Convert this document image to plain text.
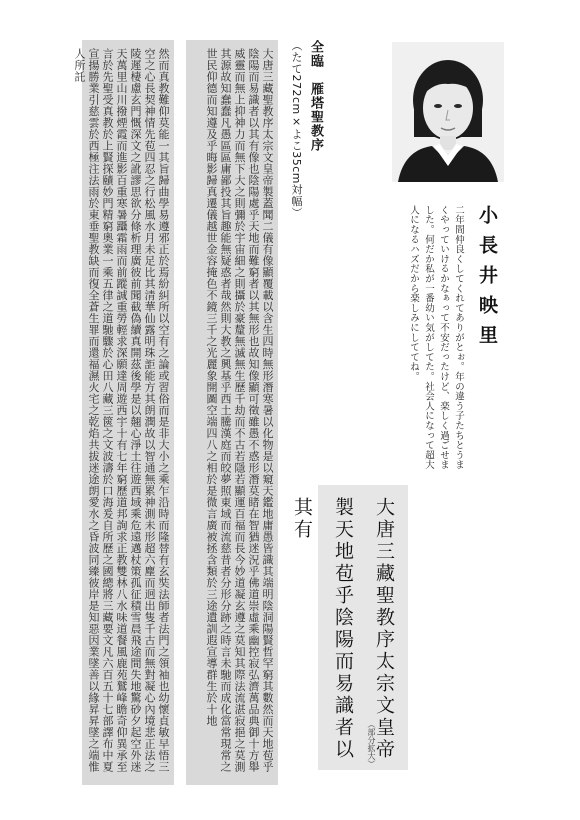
然而真教難仰莫能一其旨歸曲學易遵邪正於焉紛糾所以空有之論或習俗而是非大小之乘乍沿時而隆替有玄奘法師者法門之領袖也幼懷貞敏早悟三空之心長契神情先苞四忍之行松風水月未足比其清華仙露明珠詎能方其朗潤故以智通無累神測未形超六塵而迥出隻千古而無對凝心內境悲正法之陵遲棲慮玄門慨深文之訛謬思欲分條析理廣彼前聞截偽續真開茲後學是以翹心淨土往遊西域乘危遠邁杖策孤征積雪晨飛途間失地驚砂夕起空外迷天萬里山川撥煙霞而進影百重寒暑躡霜雨而前蹤誠重勞輕求深願達周遊西宇十有七年窮歷道邦詢求正教雙林八水味道餐風鹿苑鷲峰瞻奇仰異承至言於先聖受真教於上賢探賾妙門精窮奧業一乘五律之道馳驟於心田八藏三篋之文波濤於口海爰自所歷之國總將三藏要文凡六百五十七部譯布中夏宣揚勝業引慈雲於西極注法雨於東垂聖教缺而復全蒼生罪而還福濕火宅之乾焰共拔迷途朗愛水之昏波同臻彼岸是知惡因業墜善以緣昇昇墜之端惟人所託	大唐三藏聖教序太宗文皇帝製蓋聞二儀有像顯覆載以含生四時無形潛寒暑以化物是以窺天鑑地庸愚皆識其端明陰洞陽賢哲罕窮其數然而天地苞乎陰陽而易識者以其有像也陰陽處乎天地而難窮者以其無形也故知像顯可徵雖愚不惑形潛莫睹在智猶迷況乎佛道崇虛乘幽控寂弘濟萬品典御十方舉威靈而無上抑神力而無下大之則彌於宇宙細之則攝於豪釐無滅無生歷千劫而不古若隱若顯運百福而長今妙道凝玄遵之莫知其際法流湛寂挹之莫測其源故知蠢蠢凡愚區區庸鄙投其旨趣能無疑惑者哉然則大教之興基乎西土騰漢庭而皎夢照東域而流慈昔者分形分跡之時言未馳而成化當常現常之世民仰德而知遵及乎晦影歸真遷儀越世金容掩色不鏡三千之光麗象開圖空端四八之相於是微言廣被拯含類於三途遺訓遐宣導群生於十地	全臨　雁塔聖教序（たて272cm×よこ35cm対幅）
小長井映里
二年間仲良くしてくれてありがとぉ。年の違う子たちとうまくやっていけるかなぁって不安だったけど、楽しく過ごせました。何だか私が一番幼い気がしてた。社会人になって超大人になるハズだから楽しみにしててね。
大唐三藏聖教序太宗文皇帝製天地苞乎陰陽而易識者以其有
（部分拡大）
